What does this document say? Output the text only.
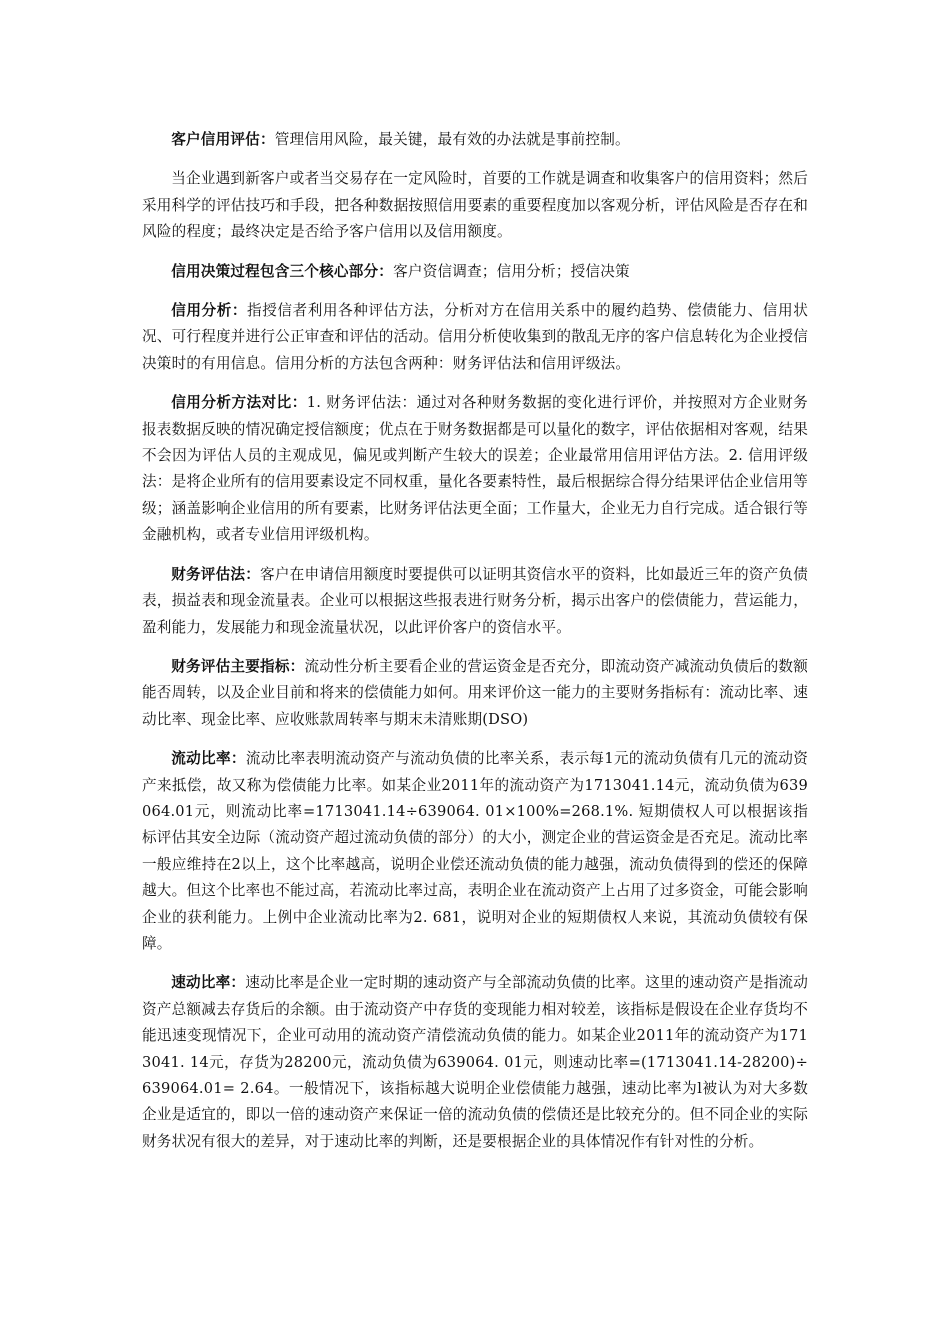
客户信用评估：管理信用风险，最关键，最有效的办法就是事前控制。

当企业遇到新客户或者当交易存在一定风险时，首要的工作就是调查和收集客户的信用资料；然后采用科学的评估技巧和手段，把各种数据按照信用要素的重要程度加以客观分析，评估风险是否存在和风险的程度；最终决定是否给予客户信用以及信用额度。

信用决策过程包含三个核心部分：客户资信调查；信用分析；授信决策

信用分析：指授信者利用各种评估方法，分析对方在信用关系中的履约趋势、偿债能力、信用状况、可行程度并进行公正审查和评估的活动。信用分析使收集到的散乱无序的客户信息转化为企业授信决策时的有用信息。信用分析的方法包含两种：财务评估法和信用评级法。

信用分析方法对比：1. 财务评估法：通过对各种财务数据的变化进行评价，并按照对方企业财务报表数据反映的情况确定授信额度；优点在于财务数据都是可以量化的数字，评估依据相对客观，结果不会因为评估人员的主观成见，偏见或判断产生较大的误差；企业最常用信用评估方法。2. 信用评级法：是将企业所有的信用要素设定不同权重，量化各要素特性，最后根据综合得分结果评估企业信用等级；涵盖影响企业信用的所有要素，比财务评估法更全面；工作量大，企业无力自行完成。适合银行等金融机构，或者专业信用评级机构。

财务评估法：客户在申请信用额度时要提供可以证明其资信水平的资料，比如最近三年的资产负债表，损益表和现金流量表。企业可以根据这些报表进行财务分析，揭示出客户的偿债能力，营运能力，盈利能力，发展能力和现金流量状况，以此评价客户的资信水平。

财务评估主要指标：流动性分析主要看企业的营运资金是否充分，即流动资产减流动负债后的数额能否周转，以及企业目前和将来的偿债能力如何。用来评价这一能力的主要财务指标有：流动比率、速动比率、现金比率、应收账款周转率与期末未清账期(DSO)

流动比率：流动比率表明流动资产与流动负债的比率关系，表示每1元的流动负债有几元的流动资产来抵偿，故又称为偿债能力比率。如某企业2011年的流动资产为1713041.14元，流动负债为639064.01元，则流动比率=1713041.14÷639064. 01×100%=268.1%. 短期债权人可以根据该指标评估其安全边际（流动资产超过流动负债的部分）的大小，测定企业的营运资金是否充足。流动比率一般应维持在2以上，这个比率越高，说明企业偿还流动负债的能力越强，流动负债得到的偿还的保障越大。但这个比率也不能过高，若流动比率过高，表明企业在流动资产上占用了过多资金，可能会影响企业的获利能力。上例中企业流动比率为2. 681，说明对企业的短期债权人来说，其流动负债较有保障。

速动比率：速动比率是企业一定时期的速动资产与全部流动负债的比率。这里的速动资产是指流动资产总额减去存货后的余额。由于流动资产中存货的变现能力相对较差，该指标是假设在企业存货均不能迅速变现情况下，企业可动用的流动资产清偿流动负债的能力。如某企业2011年的流动资产为1713041. 14元，存货为28200元，流动负债为639064. 01元，则速动比率=(1713041.14-28200)÷639064.01= 2.64。一般情况下，该指标越大说明企业偿债能力越强，速动比率为l被认为对大多数企业是适宜的，即以一倍的速动资产来保证一倍的流动负债的偿债还是比较充分的。但不同企业的实际财务状况有很大的差异，对于速动比率的判断，还是要根据企业的具体情况作有针对性的分析。
